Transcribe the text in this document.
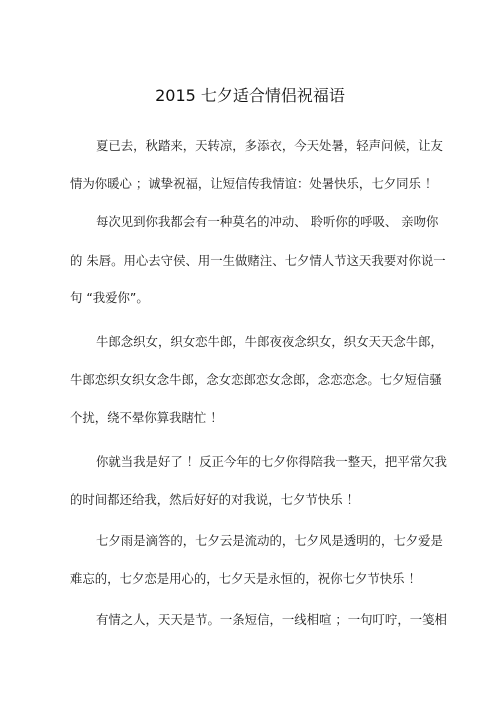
2015 七夕适合情侣祝福语
夏已去，秋踏来，天转凉，多添衣，今天处暑，轻声问候，让友
情为你暖心 ；诚挚祝福，让短信传我情谊：处暑快乐，七夕同乐 ！
每次见到你我都会有一种莫名的冲动、 聆听你的呼吸、 亲吻你
的 朱唇。用心去守侯、用一生做赌注、七夕情人节这天我要对你说一
句 “我爱你”。
牛郎念织女，织女恋牛郎，牛郎夜夜念织女，织女天天念牛郎，
牛郎恋织女织女念牛郎，念女恋郎恋女念郎，念恋恋念。七夕短信骚
个扰，绕不晕你算我瞎忙 ！
你就当我是好了 ！反正今年的七夕你得陪我一整天，把平常欠我
的时间都还给我，然后好好的对我说，七夕节快乐 ！
七夕雨是滴答的，七夕云是流动的，七夕风是透明的，七夕爱是
难忘的，七夕恋是用心的，七夕天是永恒的，祝你七夕节快乐 ！
有情之人，天天是节。一条短信，一线相喧 ；一句叮咛，一笺相
